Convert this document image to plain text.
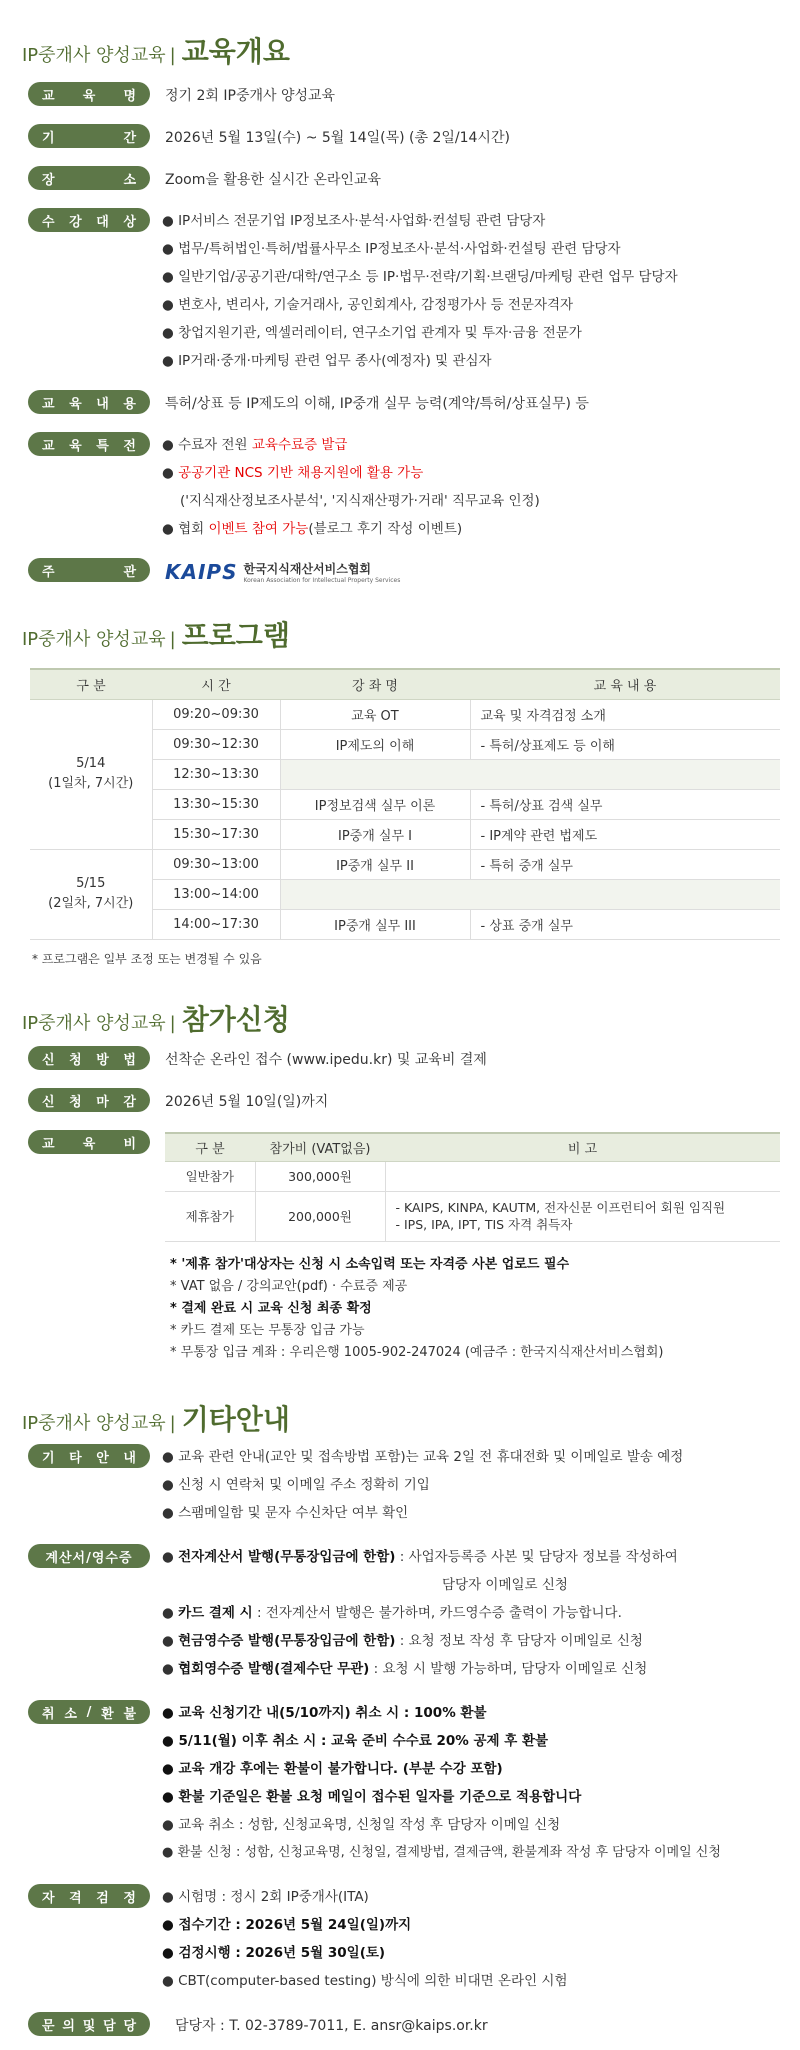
IP중개사 양성교육 | 교육개요
교 육 명 정기 2회 IP중개사 양성교육
기	간 2026년 5월 13일(수) ~ 5월 14일(목) (총 2일/14시간)
장	소 Zoom을 활용한 실시간 온라인교육
수 강 대 상 ● IP서비스 전문기업 IP정보조사·분석·사업화·컨설팅 관련 담당자
● 법무/특허법인·특허/법률사무소 IP정보조사·분석·사업화·컨설팅 관련 담당자
● 일반기업/공공기관/대학/연구소 등 IP·법무·전략/기획·브랜딩/마케팅 관련 업무 담당자
● 변호사, 변리사, 기술거래사, 공인회계사, 감정평가사 등 전문자격자
● 창업지원기관, 엑셀러레이터, 연구소기업 관계자 및 투자·금융 전문가
● IP거래·중개·마케팅 관련 업무 종사(예정자) 및 관심자
교 육 내 용 특허/상표 등 IP제도의 이해, IP중개 실무 능력(계약/특허/상표실무) 등
교 육 특 전 ● 수료자 전원 교육수료증 발급
● 공공기관 NCS 기반 채용지원에 활용 가능
('지식재산정보조사분석', '지식재산평가·거래' 직무교육 인정)
● 협회 이벤트 참여 가능(블로그 후기 작성 이벤트)
주	관 KAIPS 한국지식재산서비스협회
Korean Association for Intellectual Property Services
IP중개사 양성교육 | 프로그램
구 분	시 간	강 좌 명	교 육 내 용
5/14
(1일차, 7시간)	09:20~09:30	교육 OT	교육 및 자격검정 소개
	09:30~12:30	IP제도의 이해	- 특허/상표제도 등 이해
	12:30~13:30		
	13:30~15:30	IP정보검색 실무 이론	- 특허/상표 검색 실무
	15:30~17:30	IP중개 실무 I	- IP계약 관련 법제도
5/15
(2일차, 7시간)	09:30~13:00	IP중개 실무 II	- 특허 중개 실무
	13:00~14:00		
	14:00~17:30	IP중개 실무 III	- 상표 중개 실무
* 프로그램은 일부 조정 또는 변경될 수 있음
IP중개사 양성교육 | 참가신청
신 청 방 법 선착순 온라인 접수 (www.ipedu.kr) 및 교육비 결제
신 청 마 감 2026년 5월 10일(일)까지
교 육 비	구 분	참가비 (VAT없음)	비 고
일반참가	300,000원	
제휴참가	200,000원	- KAIPS, KINPA, KAUTM, 전자신문 이프런티어 회원 임직원
- IPS, IPA, IPT, TIS 자격 취득자
* '제휴 참가'대상자는 신청 시 소속입력 또는 자격증 사본 업로드 필수
* VAT 없음 / 강의교안(pdf) · 수료증 제공
* 결제 완료 시 교육 신청 최종 확정
* 카드 결제 또는 무통장 입금 가능
* 무통장 입금 계좌 : 우리은행 1005-902-247024 (예금주 : 한국지식재산서비스협회)
IP중개사 양성교육 | 기타안내
기 타 안 내 ● 교육 관련 안내(교안 및 접속방법 포함)는 교육 2일 전 휴대전화 및 이메일로 발송 예정
● 신청 시 연락처 및 이메일 주소 정확히 기입
● 스팸메일함 및 문자 수신차단 여부 확인
계산서/영수증	● 전자계산서 발행(무통장입금에 한함) : 사업자등록증 사본 및 담당자 정보를 작성하여
담당자 이메일로 신청
● 카드 결제 시 : 전자계산서 발행은 불가하며, 카드영수증 출력이 가능합니다.
● 현금영수증 발행(무통장입금에 한함) : 요청 정보 작성 후 담당자 이메일로 신청
● 협회영수증 발행(결제수단 무관) : 요청 시 발행 가능하며, 담당자 이메일로 신청
취 소 / 환 불 ● 교육 신청기간 내(5/10까지) 취소 시 : 100% 환불
● 5/11(월) 이후 취소 시 : 교육 준비 수수료 20% 공제 후 환불
● 교육 개강 후에는 환불이 불가합니다. (부분 수강 포함)
● 환불 기준일은 환불 요청 메일이 접수된 일자를 기준으로 적용합니다
● 교육 취소 : 성함, 신청교육명, 신청일 작성 후 담당자 이메일 신청
● 환불 신청 : 성함, 신청교육명, 신청일, 결제방법, 결제금액, 환불계좌 작성 후 담당자 이메일 신청
자 격 검 정 ● 시험명 : 정시 2회 IP중개사(ITA)
● 접수기간 : 2026년 5월 24일(일)까지
● 검정시행 : 2026년 5월 30일(토)
● CBT(computer-based testing) 방식에 의한 비대면 온라인 시험
문 의 및 담 당	담당자 : T. 02-3789-7011, E. ansr@kaips.or.kr
